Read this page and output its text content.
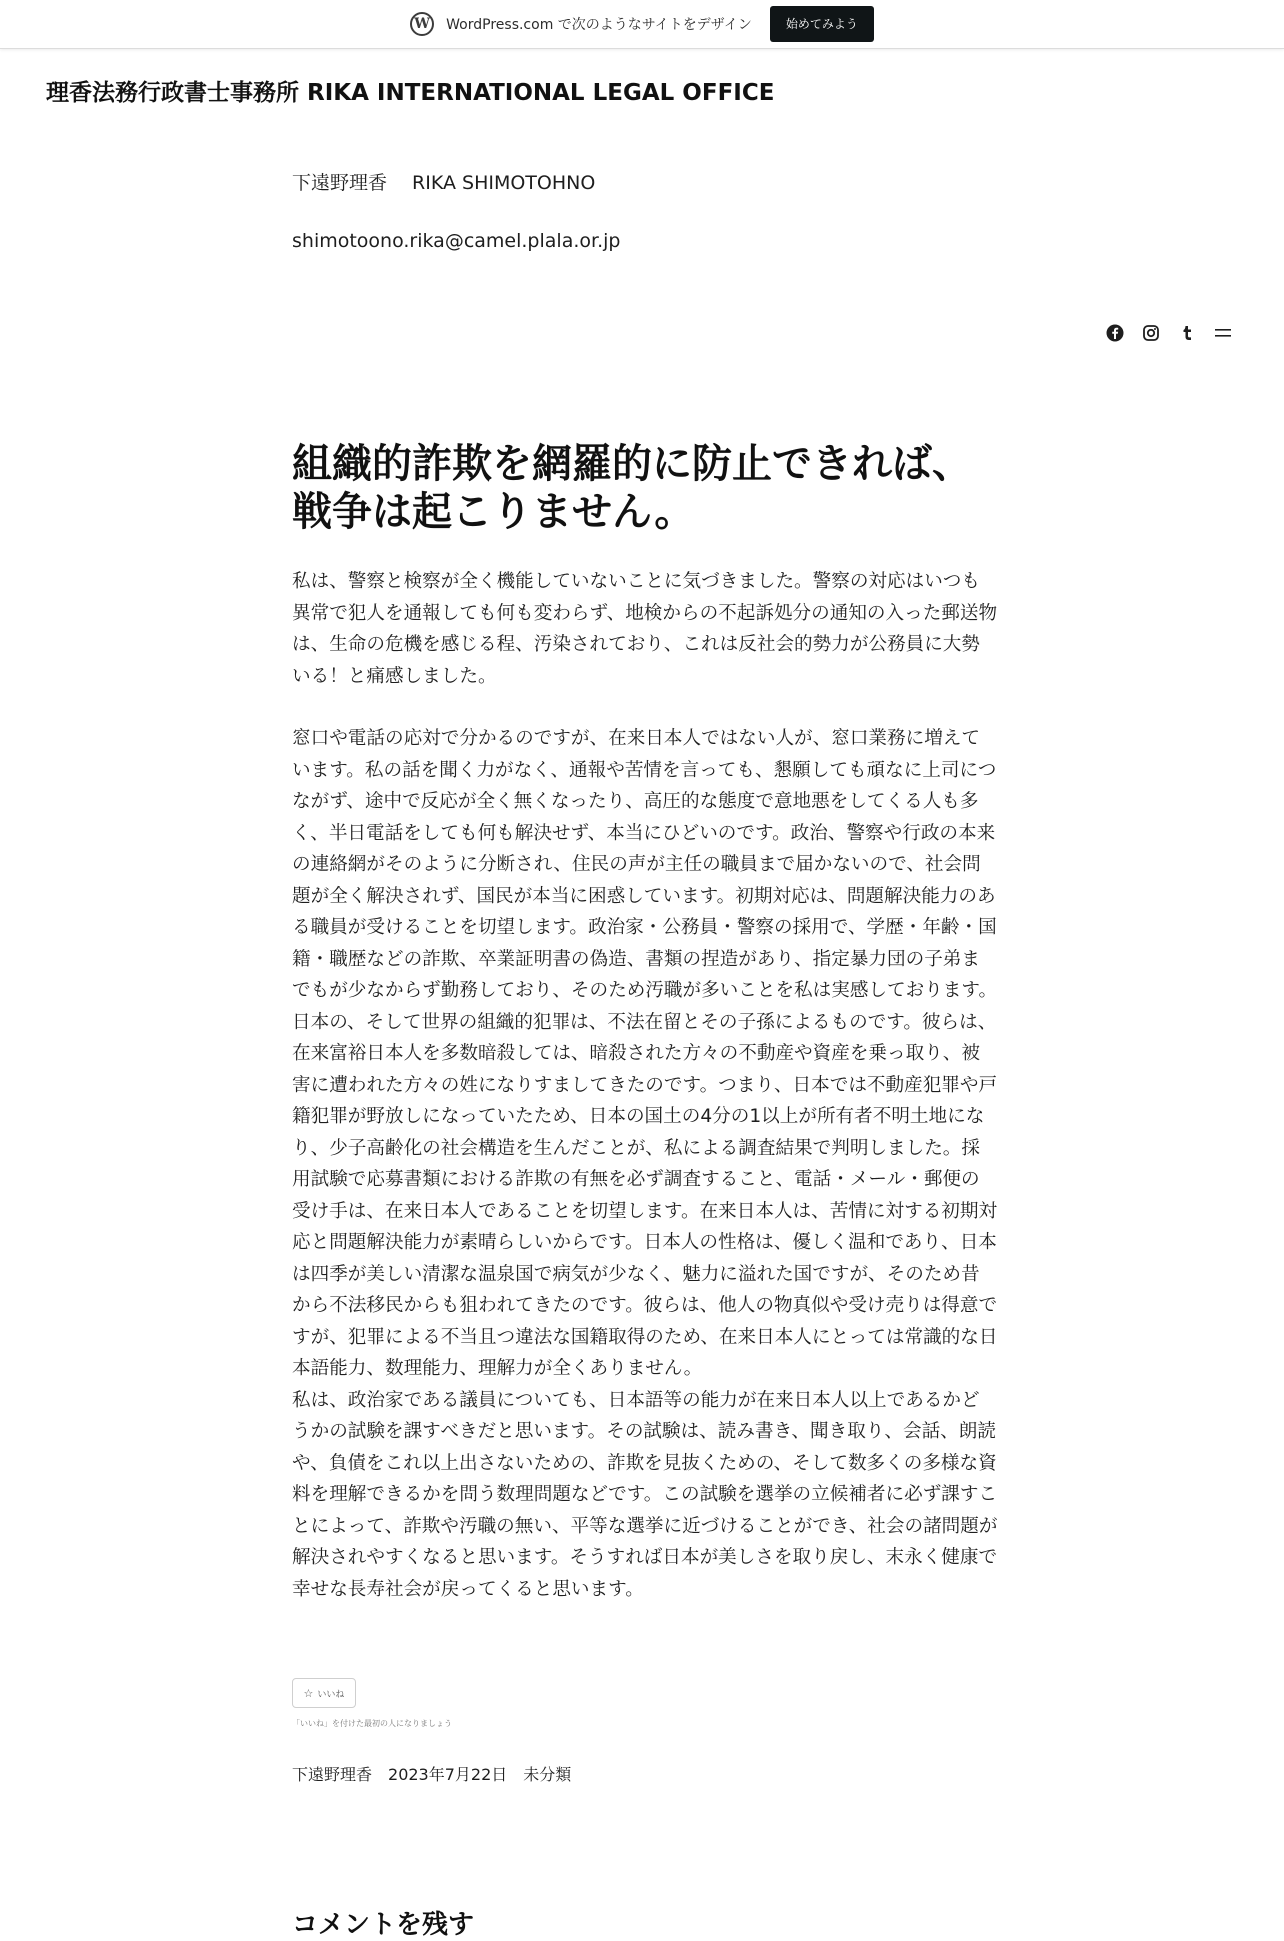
W WordPress.com で次のようなサイトをデザイン	始めてみよう
理香法務行政書士事務所 RIKA INTERNATIONAL LEGAL OFFICE
下遠野理香　 RIKA SHIMOTOHNO
shimotoono.rika@camel.plala.or.jp
組織的詐欺を網羅的に防止できれば、
戦争は起こりません。

私は、警察と検察が全く機能していないことに気づきました。警察の対応はいつも異常で犯人を通報しても何も変わらず、地検からの不起訴処分の通知の入った郵送物は、生命の危機を感じる程、汚染されており、これは反社会的勢力が公務員に大勢いる！と痛感しました。

窓口や電話の応対で分かるのですが、在来日本人ではない人が、窓口業務に増えています。私の話を聞く力がなく、通報や苦情を言っても、懇願しても頑なに上司につながず、途中で反応が全く無くなったり、高圧的な態度で意地悪をしてくる人も多く、半日電話をしても何も解決せず、本当にひどいのです。政治、警察や行政の本来の連絡網がそのように分断され、住民の声が主任の職員まで届かないので、社会問題が全く解決されず、国民が本当に困惑しています。初期対応は、問題解決能力のある職員が受けることを切望します。政治家・公務員・警察の採用で、学歴・年齢・国籍・職歴などの詐欺、卒業証明書の偽造、書類の捏造があり、指定暴力団の子弟までもが少なからず勤務しており、そのため汚職が多いことを私は実感しております。日本の、そして世界の組織的犯罪は、不法在留とその子孫によるものです。彼らは、在来富裕日本人を多数暗殺しては、暗殺された方々の不動産や資産を乗っ取り、被害に遭われた方々の姓になりすましてきたのです。つまり、日本では不動産犯罪や戸籍犯罪が野放しになっていたため、日本の国土の4分の1以上が所有者不明土地になり、少子高齢化の社会構造を生んだことが、私による調査結果で判明しました。採用試験で応募書類における詐欺の有無を必ず調査すること、電話・メール・郵便の受け手は、在来日本人であることを切望します。在来日本人は、苦情に対する初期対応と問題解決能力が素晴らしいからです。日本人の性格は、優しく温和であり、日本は四季が美しい清潔な温泉国で病気が少なく、魅力に溢れた国ですが、そのため昔から不法移民からも狙われてきたのです。彼らは、他人の物真似や受け売りは得意ですが、犯罪による不当且つ違法な国籍取得のため、在来日本人にとっては常識的な日本語能力、数理能力、理解力が全くありません。

私は、政治家である議員についても、日本語等の能力が在来日本人以上であるかどうかの試験を課すべきだと思います。その試験は、読み書き、聞き取り、会話、朗読や、負債をこれ以上出さないための、詐欺を見抜くための、そして数多くの多様な資料を理解できるかを問う数理問題などです。この試験を選挙の立候補者に必ず課すことによって、詐欺や汚職の無い、平等な選挙に近づけることができ、社会の諸問題が解決されやすくなると思います。そうすれば日本が美しさを取り戻し、末永く健康で幸せな長寿社会が戻ってくると思います。

☆ いいね
「いいね」を付けた最初の人になりましょう
下遠野理香 2023年7月22日 未分類
コメントを残す
